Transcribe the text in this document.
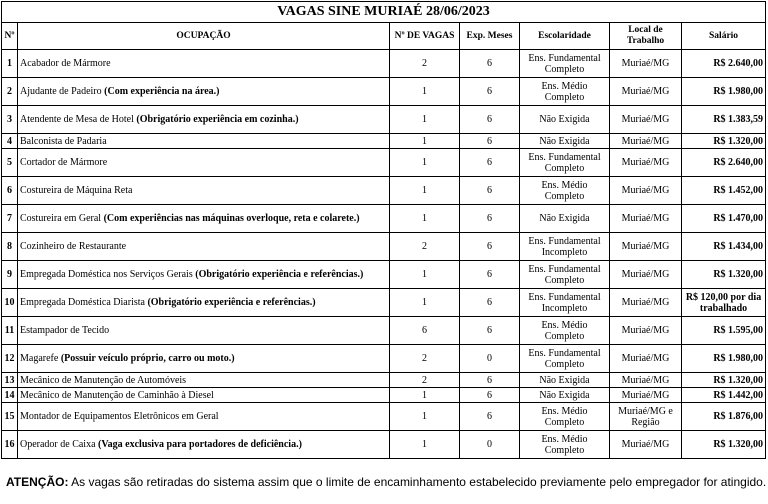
VAGAS SINE MURIAÉ 28/06/2023						
Nº	OCUPAÇÃO	Nº DE VAGAS	Exp. Meses	Escolaridade	Local de Trabalho	Salário
1	Acabador de Mármore	2	6	Ens. Fundamental Completo	Muriaé/MG	R$ 2.640,00
2	Ajudante de Padeiro (Com experiência na área.)	1	6	Ens. Médio Completo	Muriaé/MG	R$ 1.980,00
3	Atendente de Mesa de Hotel (Obrigatório experiência em cozinha.)	1	6	Não Exigida	Muriaé/MG	R$ 1.383,59
4	Balconista de Padaria	1	6	Não Exigida	Muriaé/MG	R$ 1.320,00
5	Cortador de Mármore	1	6	Ens. Fundamental Completo	Muriaé/MG	R$ 2.640,00
6	Costureira de Máquina Reta	1	6	Ens. Médio Completo	Muriaé/MG	R$ 1.452,00
7	Costureira em Geral (Com experiências nas máquinas overloque, reta e colarete.)	1	6	Não Exigida	Muriaé/MG	R$ 1.470,00
8	Cozinheiro de Restaurante	2	6	Ens. Fundamental Incompleto	Muriaé/MG	R$ 1.434,00
9	Empregada Doméstica nos Serviços Gerais (Obrigatório experiência e referências.)	1	6	Ens. Fundamental Completo	Muriaé/MG	R$ 1.320,00
10	Empregada Doméstica Diarista (Obrigatório experiência e referências.)	1	6	Ens. Fundamental Incompleto	Muriaé/MG	R$ 120,00 por dia trabalhado
11	Estampador de Tecido	6	6	Ens. Médio Completo	Muriaé/MG	R$ 1.595,00
12	Magarefe (Possuir veículo próprio, carro ou moto.)	2	0	Ens. Fundamental Completo	Muriaé/MG	R$ 1.980,00
13	Mecânico de Manutenção de Automóveis	2	6	Não Exigida	Muriaé/MG	R$ 1.320,00
14	Mecânico de Manutenção de Caminhão à Diesel	1	6	Não Exigida	Muriaé/MG	R$ 1.442,00
15	Montador de Equipamentos Eletrônicos em Geral	1	6	Ens. Médio Completo	Muriaé/MG e Região	R$ 1.876,00
16	Operador de Caixa (Vaga exclusiva para portadores de deficiência.)	1	0	Ens. Médio Completo	Muriaé/MG	R$ 1.320,00
ATENÇÃO: As vagas são retiradas do sistema assim que o limite de encaminhamento estabelecido previamente pelo empregador for atingido.
